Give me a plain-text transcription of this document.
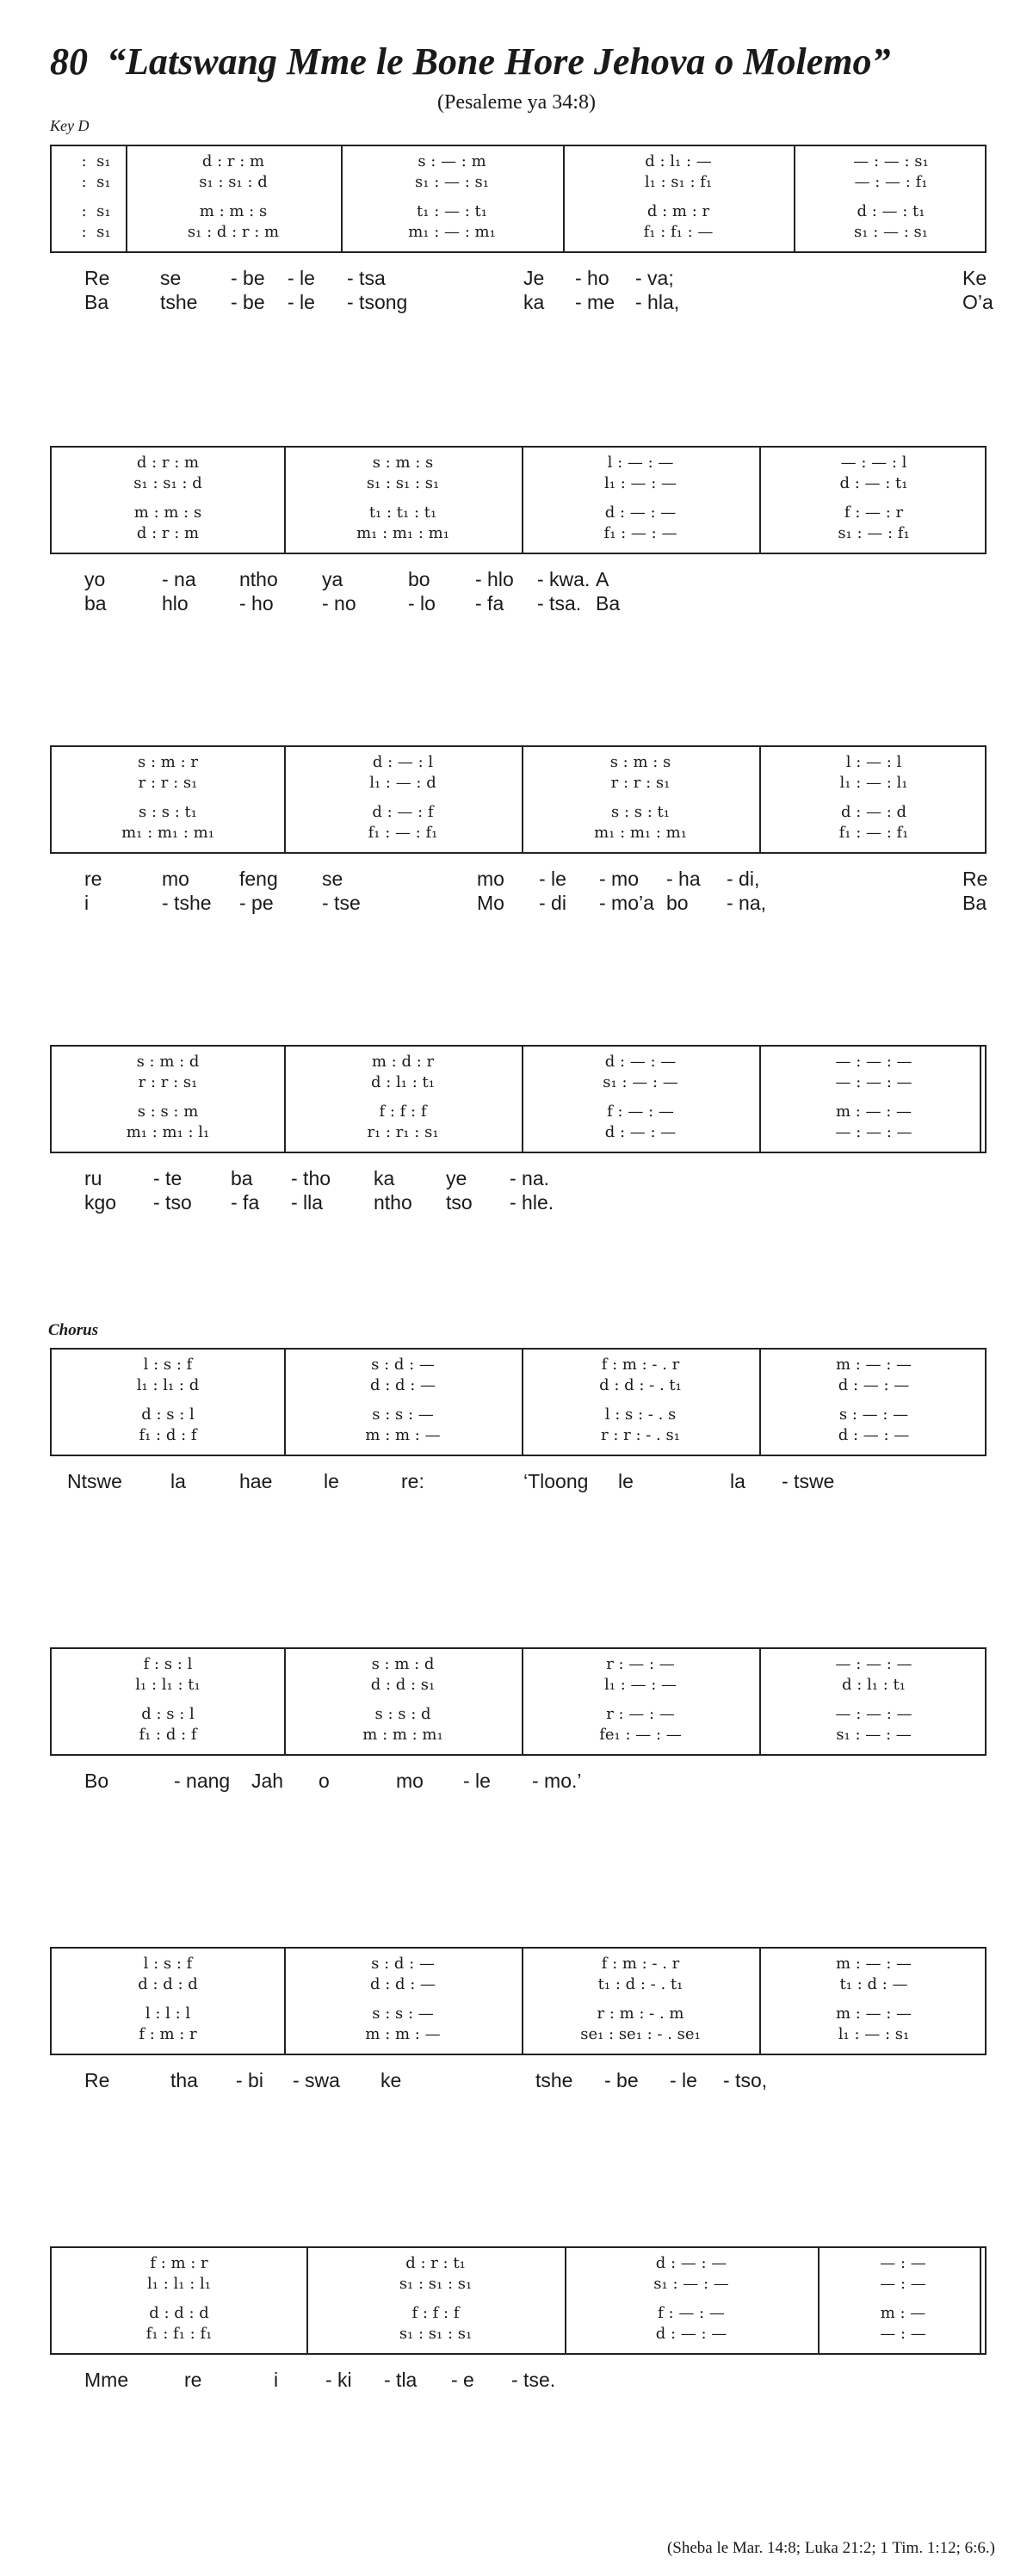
80 “Latswang Mme le Bone Hore Jehova o Molemo”
(Pesaleme ya 34:8)
Key D
Chorus
:  s₁	d : r : m	s : — : m	d : l₁ : —	— : — : s₁
:  s₁	s₁ : s₁ : d	s₁ : — : s₁	l₁ : s₁ : f₁	— : — : f₁
:  s₁	m : m : s	t₁ : — : t₁	d : m : r	d : — : t₁
:  s₁	s₁ : d : r : m	m₁ : — : m₁	f₁ : f₁ : —	s₁ : — : s₁
Re	se	- be - le - tsa	Je - ho - va;	Ke
Ba	tshe - be - le - tsong	ka - me - hla,	O’a
d : r : m	s : m : s	l : — : —	— : — : l
s₁ : s₁ : d	s₁ : s₁ : s₁	l₁ : — : —	d : — : t₁
m : m : s	t₁ : t₁ : t₁	d : — : —	f : — : r
d : r : m	m₁ : m₁ : m₁	f₁ : — : —	s₁ : — : f₁
yo	- na ntho ya	bo - hlo - kwa. A
ba	hlo	- ho - no	- lo - fa - tsa. Ba
s : m : r	d : — : l	s : m : s	l : — : l
r : r : s₁	l₁ : — : d	r : r : s₁	l₁ : — : l₁
s : s : t₁	d : — : f	s : s : t₁	d : — : d
m₁ : m₁ : m₁	f₁ : — : f₁	m₁ : m₁ : m₁	f₁ : — : f₁
re	mo	feng se	mo - le - mo - ha - di,	Re
i	- tshe - pe - tse	Mo - di - mo’a bo - na,	Ba
s : m : d	m : d : r	d : — : —	— : — : —
r : r : s₁	d : l₁ : t₁	s₁ : — : —	— : — : —
s : s : m	f : f : f	f : — : —	m : — : —
m₁ : m₁ : l₁	r₁ : r₁ : s₁	d : — : —	— : — : —
ru	- te ba - tho ka	ye - na.
kgo - tso - fa - lla	ntho tso - hle.
l : s : f	s : d : —	f : m : - . r	m : — : —
l₁ : l₁ : d	d : d : —	d : d : - . t₁	d : — : —
d : s : l	s : s : —	l : s : - . s	s : — : —
f₁ : d : f	m : m : —	r : r : - . s₁	d : — : —
Ntswe la	hae	le	re:	‘Tloong le	la - tswe
f : s : l	s : m : d	r : — : —	— : — : —
l₁ : l₁ : t₁	d : d : s₁	l₁ : — : —	d : l₁ : t₁
d : s : l	s : s : d	r : — : —	— : — : —
f₁ : d : f	m : m : m₁	fe₁ : — : —	s₁ : — : —
Bo	- nang Jah o	mo - le - mo.’
l : s : f	s : d : —	f : m : - . r	m : — : —
d : d : d	d : d : —	t₁ : d : - . t₁	t₁ : d : —
l : l : l	s : s : —	r : m : - . m	m : — : —
f : m : r	m : m : —	se₁ : se₁ : - . se₁	l₁ : — : s₁
Re	tha - bi - swa ke	tshe - be - le - tso,
f : m : r	d : r : t₁	d : — : —	— : —
l₁ : l₁ : l₁	s₁ : s₁ : s₁	s₁ : — : —	— : —
d : d : d	f : f : f	f : — : —	m : —
f₁ : f₁ : f₁	s₁ : s₁ : s₁	d : — : —	— : —
Mme	re	i - ki - tla - e - tse.
(Sheba le Mar. 14:8; Luka 21:2; 1 Tim. 1:12; 6:6.)
